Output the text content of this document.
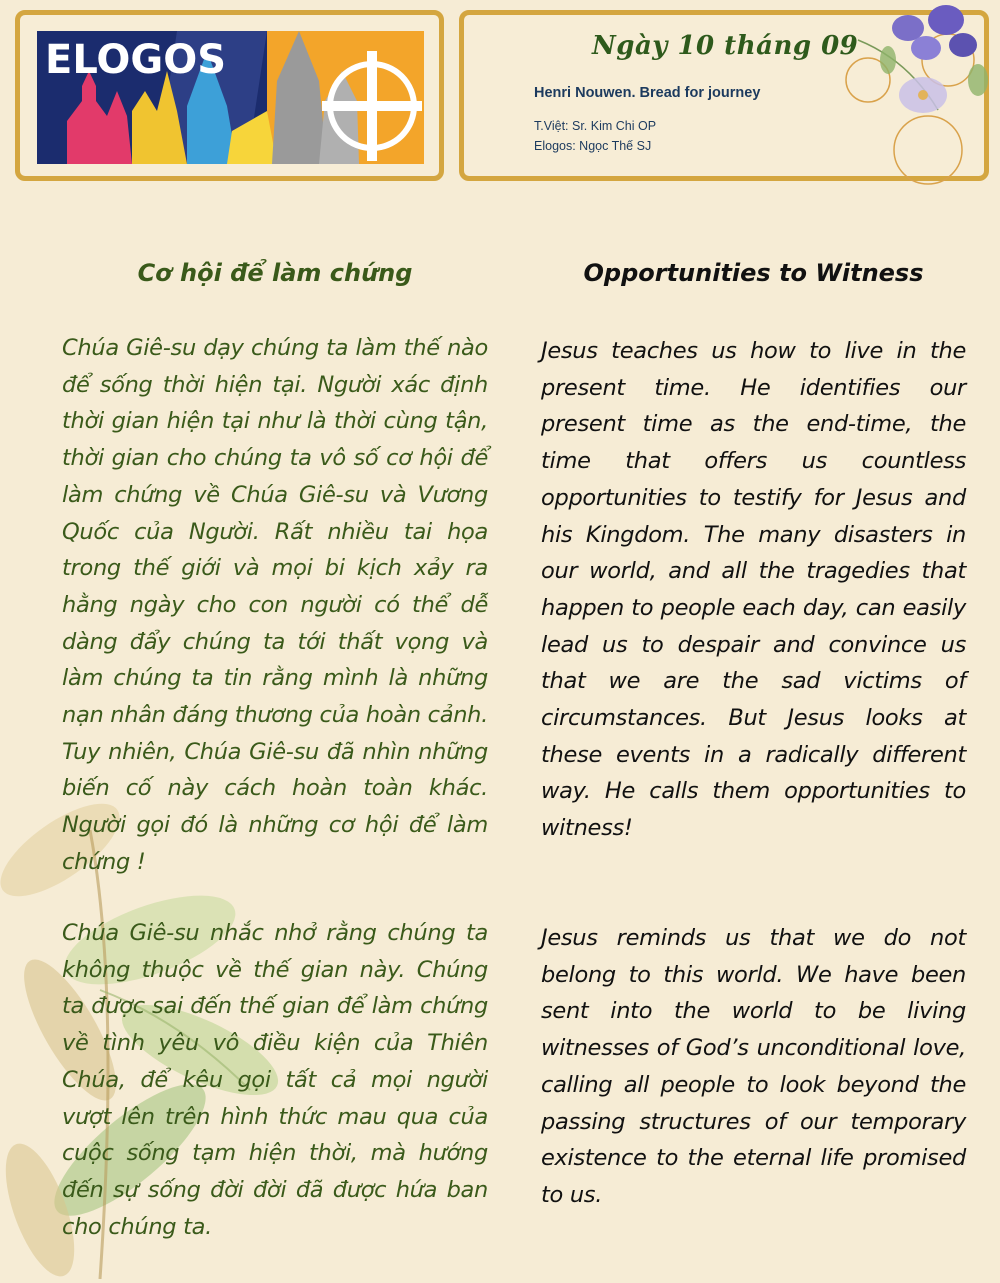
ELOGOS	Ngày 10 tháng 09
Henri Nouwen. Bread for journey
T.Việt: Sr. Kim Chi OP
Elogos: Ngọc Thế SJ
Cơ hội để làm chứng

Chúa Giê-su dạy chúng ta làm thế nào để sống thời hiện tại. Người xác định thời gian hiện tại như là thời cùng tận, thời gian cho chúng ta vô số cơ hội để làm chứng về Chúa Giê-su và Vương Quốc của Người. Rất nhiều tai họa trong thế giới và mọi bi kịch xảy ra hằng ngày cho con người có thể dễ dàng đẩy chúng ta tới thất vọng và làm chúng ta tin rằng mình là những nạn nhân đáng thương của hoàn cảnh. Tuy nhiên, Chúa Giê-su đã nhìn những biến cố này cách hoàn toàn khác. Người gọi đó là những cơ hội để làm chứng !

Chúa Giê-su nhắc nhở rằng chúng ta không thuộc về thế gian này. Chúng ta được sai đến thế gian để làm chứng về tình yêu vô điều kiện của Thiên Chúa, để kêu gọi tất cả mọi người vượt lên trên hình thức mau qua của cuộc sống tạm hiện thời, mà hướng đến sự sống đời đời đã được hứa ban cho chúng ta.

Opportunities to Witness

Jesus teaches us how to live in the present time. He identifies our present time as the end-time, the time that offers us countless opportunities to testify for Jesus and his Kingdom. The many disasters in our world, and all the tragedies that happen to people each day, can easily lead us to despair and convince us that we are the sad victims of circumstances. But Jesus looks at these events in a radically different way. He calls them opportunities to witness!

Jesus reminds us that we do not belong to this world. We have been sent into the world to be living witnesses of God’s unconditional love, calling all people to look beyond the passing structures of our temporary existence to the eternal life promised to us.
